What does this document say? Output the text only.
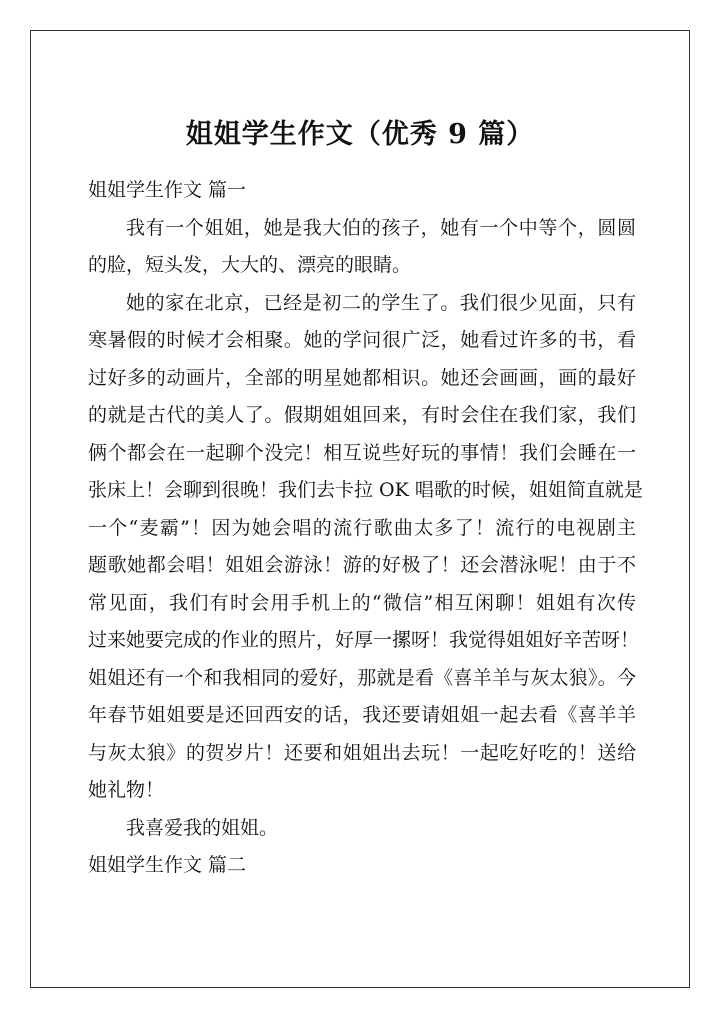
姐姐学生作文（优秀 9 篇）

姐姐学生作文 篇一

我有一个姐姐，她是我大伯的孩子，她有一个中等个，圆圆
的脸，短头发，大大的、漂亮的眼睛。

她的家在北京，已经是初二的学生了。我们很少见面，只有
寒暑假的时候才会相聚。她的学问很广泛，她看过许多的书，看
过好多的动画片，全部的明星她都相识。她还会画画，画的最好
的就是古代的美人了。假期姐姐回来，有时会住在我们家，我们
俩个都会在一起聊个没完！相互说些好玩的事情！我们会睡在一
张床上！会聊到很晚！我们去卡拉 OK 唱歌的时候，姐姐简直就是
一个“麦霸”！因为她会唱的流行歌曲太多了！流行的电视剧主
题歌她都会唱！姐姐会游泳！游的好极了！还会潜泳呢！由于不
常见面，我们有时会用手机上的“微信”相互闲聊！姐姐有次传
过来她要完成的作业的照片，好厚一摞呀！我觉得姐姐好辛苦呀！
姐姐还有一个和我相同的爱好，那就是看《喜羊羊与灰太狼》。今
年春节姐姐要是还回西安的话，我还要请姐姐一起去看《喜羊羊
与灰太狼》的贺岁片！还要和姐姐出去玩！一起吃好吃的！送给
她礼物！

我喜爱我的姐姐。

姐姐学生作文 篇二
